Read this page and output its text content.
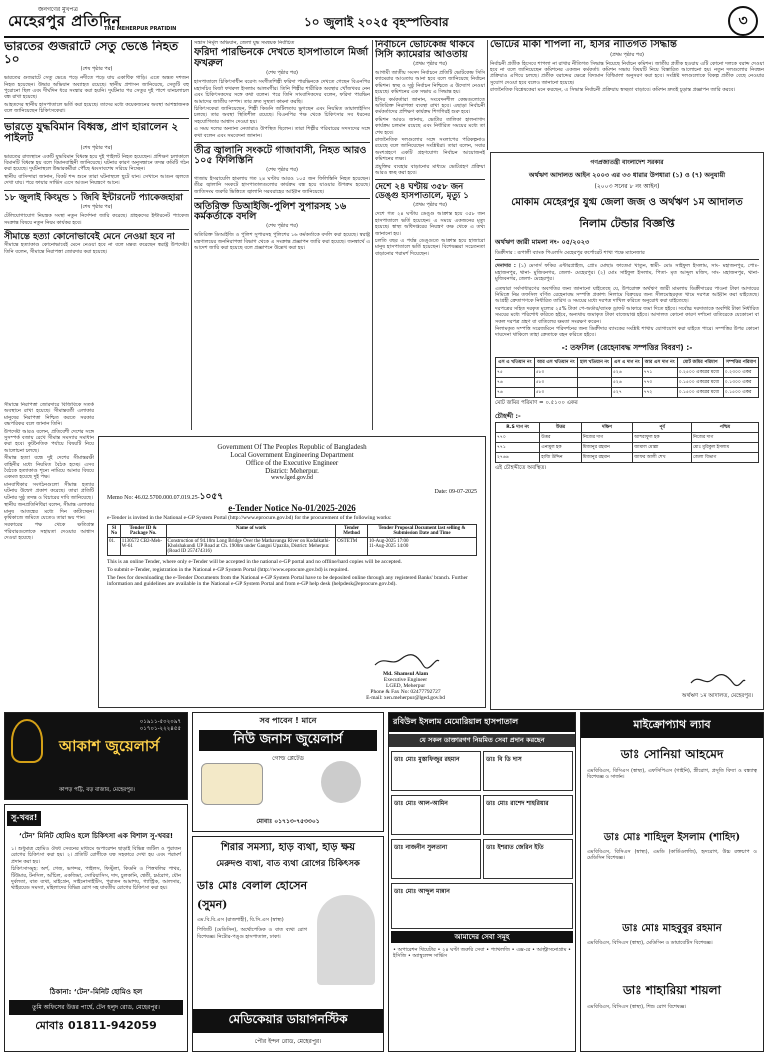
জনগণের মুখপত্র
মেহেরপুর প্রতিদিন
THE MEHERPUR PRATIDIN	১০ জুলাই ২০২৫ বৃহস্পতিবার	৩
ভারতের গুজরাটে সেতু ভেঙে নিহত ১০
(শেষ পৃষ্ঠার পর)

ভারতের গুজরাটে সেতু ভেঙে পড়ে নদীতে পড়ে যায় একাধিক গাড়ি। এতে অন্তত দশজন নিহত হয়েছেন। উদ্ধার অভিযান অব্যাহত রয়েছে। স্থানীয় প্রশাসন জানিয়েছে, সেতুটি বহু পুরোনো ছিল এবং দীর্ঘদিন ধরে সংস্কার করা হয়নি। দুর্ঘটনার পর সেতুর দুই পাশে যানচলাচল বন্ধ রাখা হয়েছে।

আহতদের স্থানীয় হাসপাতালে ভর্তি করা হয়েছে। তাদের মধ্যে কয়েকজনের অবস্থা আশঙ্কাজনক বলে জানিয়েছেন চিকিৎসকেরা।

ভারতে যুদ্ধবিমান বিধ্বস্ত, প্রাণ হারালেন ২ পাইলট
(শেষ পৃষ্ঠার পর)

ভারতের রাজস্থানে একটি যুদ্ধবিমান বিধ্বস্ত হয়ে দুই পাইলট নিহত হয়েছেন। প্রশিক্ষণ চলাকালে বিমানটি বিধ্বস্ত হয় বলে বিমানবাহিনী জানিয়েছে। ঘটনার কারণ অনুসন্ধানে তদন্ত কমিটি গঠন করা হয়েছে। দুর্ঘটনাস্থলে উদ্ধারকর্মীরা পৌঁছে ধ্বংসাবশেষ সরিয়ে নিচ্ছেন।

স্থানীয় বাসিন্দারা জানান, বিকট শব্দ শুনে তারা ঘটনাস্থলে ছুটে যান। সেখানে আগুন জ্বলতে দেখা যায়। পরে ফায়ার সার্ভিস এসে আগুন নিয়ন্ত্রণে আনে।

১৮ জুলাই কিংমুন্ড ১ জিবি ইন্টারনেট প্যাকেজহারা
(শেষ পৃষ্ঠার পর)

টেলিযোগাযোগ নিয়ন্ত্রক সংস্থা নতুন নির্দেশনা জারি করেছে। গ্রাহকদের ইন্টারনেট প্যাকেজ সংক্রান্ত বিষয়ে নতুন নিয়ম কার্যকর হবে।

সীমান্তে হত্যা কোনোভাবেই মেনে নেওয়া হবে না

সীমান্তে হত্যাকাণ্ড কোনোভাবেই মেনে নেওয়া হবে না বলে মন্তব্য করেছেন স্বরাষ্ট্র উপদেষ্টা। তিনি বলেন, সীমান্তে নিরাপত্তা জোরদার করা হয়েছে।

সন্ত্রাস নির্মূল অভিযান, জেলা যুদ্ধ সমন্বয়ক নির্বাচিত
ফরিদা পারভিনকে দেখতে হাসপাতালে মির্জা ফখরুল
(শেষ পৃষ্ঠার পর)

হাসপাতালে চিকিৎসাধীন বরেণ্য সংগীতশিল্পী ফরিদা পারভিনকে দেখতে গেছেন বিএনপির মহাসচিব মির্জা ফখরুল ইসলাম আলমগীর। তিনি শিল্পীর শারীরিক অবস্থার খোঁজখবর নেন এবং চিকিৎসকদের সঙ্গে কথা বলেন। পরে তিনি সাংবাদিকদের বলেন, ফরিদা পারভিন আমাদের জাতীয় সম্পদ। তার দ্রুত সুস্থতা কামনা করছি।

চিকিৎসকেরা জানিয়েছেন, শিল্পী কিডনি জটিলতায় ভুগছেন এবং নিয়মিত ডায়ালাইসিস চলছে। তার অবস্থা স্থিতিশীল রয়েছে। বিএনপির পক্ষ থেকে চিকিৎসার সব ধরনের সহযোগিতার আশ্বাস দেওয়া হয়।

এ সময় দলের অন্যান্য নেতারাও উপস্থিত ছিলেন। তারা শিল্পীর পরিবারের সদস্যদের সঙ্গে কথা বলেন এবং সমবেদনা জানান।

তীব্র জ্বালানি সংকটে গাজাবাসী, নিহত আরও ১০৫ ফিলিস্তিনি
(শেষ পৃষ্ঠার পর)

গাজায় ইসরায়েলি হামলায় গত ২৪ ঘণ্টায় আরও ১০৫ জন ফিলিস্তিনি নিহত হয়েছেন। তীব্র জ্বালানি সংকটে হাসপাতালগুলোর কার্যক্রম বন্ধ হয়ে যাওয়ার উপক্রম হয়েছে। জাতিসংঘ জরুরি ভিত্তিতে জ্বালানি সরবরাহের আহ্বান জানিয়েছে।

অতিরিক্ত ডিআইজি-পুলিশ সুপারসহ ১৬ কর্মকর্তাকে বদলি
(শেষ পৃষ্ঠার পর)

অতিরিক্ত ডিআইজি ও পুলিশ সুপারসহ পুলিশের ১৬ কর্মকর্তাকে বদলি করা হয়েছে। স্বরাষ্ট্র মন্ত্রণালয়ের জননিরাপত্তা বিভাগ থেকে এ সংক্রান্ত প্রজ্ঞাপন জারি করা হয়েছে। জনস্বার্থে এ আদেশ জারি করা হয়েছে বলে প্রজ্ঞাপনে উল্লেখ করা হয়।

নির্বাচনে ভোটকেন্দ্র থাকবে সিসি ক্যামেরার আওতায়
(প্রথম পৃষ্ঠার পর)

আগামী জাতীয় সংসদ নির্বাচনে প্রতিটি ভোটকেন্দ্র সিসি ক্যামেরার আওতায় আনা হবে বলে জানিয়েছে নির্বাচন কমিশন। স্বচ্ছ ও সুষ্ঠু নির্বাচন নিশ্চিতে এ উদ্যোগ নেওয়া হয়েছে। কমিশনের এক সভায় এ সিদ্ধান্ত হয়।

ইসির কর্মকর্তারা জানান, সংবেদনশীল কেন্দ্রগুলোতে অতিরিক্ত নিরাপত্তা ব্যবস্থা রাখা হবে। এছাড়া নির্বাচনী কর্মকর্তাদের প্রশিক্ষণ কার্যক্রম শিগগিরই শুরু হবে।

কমিশন আরও জানায়, ভোটার তালিকা হালনাগাদ কার্যক্রম চলমান রয়েছে এবং নির্ধারিত সময়ের মধ্যে তা শেষ হবে।

রাজনৈতিক দলগুলোর সঙ্গে সংলাপের পরিকল্পনাও রয়েছে বলে জানিয়েছেন সংশ্লিষ্টরা। তারা বলেন, সবার অংশগ্রহণে একটি গ্রহণযোগ্য নির্বাচন আয়োজনই কমিশনের লক্ষ্য।

প্রযুক্তির ব্যবহার বাড়ানোর মাধ্যমে ভোটগ্রহণ প্রক্রিয়া আরও স্বচ্ছ করা হবে।

দেশে ২৪ ঘণ্টায় ৩৫৮ জন ডেঙ্গু হাসপাতালে, মৃত্যু ১
(প্রথম পৃষ্ঠার পর)

দেশে গত ২৪ ঘণ্টায় ডেঙ্গু আক্রান্ত হয়ে ৩৫৮ জন হাসপাতালে ভর্তি হয়েছেন। এ সময়ে একজনের মৃত্যু হয়েছে। স্বাস্থ্য অধিদপ্তরের নিয়ন্ত্রণ কক্ষ থেকে এ তথ্য জানানো হয়।

চলতি বছর এ পর্যন্ত ডেঙ্গুতে আক্রান্ত হয়ে হাজারো মানুষ হাসপাতালে ভর্তি হয়েছেন। বিশেষজ্ঞরা সচেতনতা বাড়ানোর পরামর্শ দিয়েছেন।

ভোটের মার্কা শাপলা না, ইসির নীতিগত সিদ্ধান্ত
(প্রথম পৃষ্ঠার পর)

নির্বাচনী প্রতীক হিসেবে শাপলা না রাখার নীতিগত সিদ্ধান্ত নিয়েছে নির্বাচন কমিশন। জাতীয় প্রতীক হওয়ায় এটি কোনো দলকে বরাদ্দ দেওয়া হবে না বলে জানিয়েছেন কমিশনের একজন কর্মকর্তা। কমিশন সভায় বিষয়টি নিয়ে বিস্তারিত আলোচনা হয়। নতুন দলগুলোর নিবন্ধন প্রক্রিয়াও এগিয়ে চলছে। প্রতীক বরাদ্দের ক্ষেত্রে বিদ্যমান বিধিমালা অনুসরণ করা হবে। সংশ্লিষ্ট দলগুলোকে বিকল্প প্রতীক বেছে নেওয়ার সুযোগ দেওয়া হবে বলেও জানানো হয়েছে।

রাজনৈতিক বিশ্লেষকেরা মনে করছেন, এ সিদ্ধান্ত নির্বাচনী প্রক্রিয়ায় স্বচ্ছতা বাড়াবে। কমিশন দ্রুতই চূড়ান্ত প্রজ্ঞাপন জারি করবে।

গণপ্রজাতন্ত্রী বাংলাদেশ সরকার
অর্থঋণ আদালত আইন ২০০৩ এর ৩৩ ধারার উপধারা (১) ও (৭) অনুযায়ী
(২০০৩ সনের ৮ নং আইন)
মোকাম মেহেরপুর যুগ্ম জেলা জজ ও অর্থঋণ ১ম আদালত
নিলাম টেন্ডার বিজ্ঞপ্তি
অর্থঋণ জারী মামলা নং- ০৫/২০২৩
ডিক্রীদার : রূপালী ব্যাংক পিএলসি মেহেরপুর কর্পোরেট শাখা পক্ষে ম্যানেজার
দেনাদার : (১) মেসার্স ফকির এন্টারপ্রাইজ, প্রোঃ মোছাঃ ফাতেমা খাতুন, স্বামী- মোঃ সাইফুল ইসলাম, সাং- মহাজনপুর, পোঃ- মহাজনপুর, থানা- মুজিবনগর, জেলা- মেহেরপুর। (২) মোঃ সাইফুল ইসলাম, পিতা- মৃত আব্দুল মজিদ, সাং- মহাজনপুর, থানা- মুজিবনগর, জেলা- মেহেরপুর।

এতদ্বারা সর্বসাধারণের অবগতির জন্য জানানো যাইতেছে যে, উপরোক্ত অর্থঋণ জারী মামলায় ডিক্রীদারের পাওনা টাকা আদায়ের নিমিত্তে নিম্ন তফসিল বর্ণিত রেহেনাবদ্ধ সম্পত্তি প্রকাশ্য নিলামে বিক্রয়ের জন্য সীলমোহরকৃত খামে দরপত্র আহ্বান করা যাইতেছে। আগ্রহী ক্রেতাগণকে নির্ধারিত তারিখ ও সময়ের মধ্যে দরপত্র দাখিল করিতে অনুরোধ করা যাইতেছে।

দরপত্রের সহিত দরকৃত মূল্যের ২৫% টাকা পে-অর্ডার/ব্যাংক ড্রাফট আকারে জমা দিতে হইবে। সর্বোচ্চ দরদাতাকে অবশিষ্ট টাকা নির্ধারিত সময়ের মধ্যে পরিশোধ করিতে হইবে, অন্যথায় জমাকৃত টাকা বাজেয়াপ্ত হইবে। আদালত কোনো কারণ দর্শানো ব্যতিরেকে যেকোনো বা সকল দরপত্র গ্রহণ বা বাতিলের ক্ষমতা সংরক্ষণ করেন।

নিলামকৃত সম্পত্তি সরেজমিনে পরিদর্শনের জন্য ডিক্রীদার ব্যাংকের সংশ্লিষ্ট শাখায় যোগাযোগ করা যাইতে পারে। সম্পত্তির উপর কোনো দায়দেনা থাকিলে তাহা ক্রেতাকে বহন করিতে হইবে।

-: তফসিল (রেহেনাবদ্ধ সম্পত্তির বিবরণ) :-
এস এ খতিয়ান নং	আর এস খতিয়ান নং	হাল খতিয়ান নং	এস এ দাগ নং	আর এস দাগ নং	মোট জমির পরিমাণ	সম্পত্তির পরিমাণ
৭৫	৫৮০		৫২৬	৭৭১	০.২৫০০ একরের মধ্যে	০.২৩০০ একর
৭৬	৫৮০		৫২৬	৭৭০	০.১৫০০ একরের মধ্যে	০.১৩০০ একর
৭৬	৫৮০		৫২৭	৭৭২	০.১৫০০ একরের মধ্যে	০.১৫০০ একর
মোট জমির পরিমাণ = ০.৫১০০ একর
চৌহদ্দী :-
R.S দাগ নং	উত্তর	দক্ষিণ	পূর্ব	পশ্চিম
৭৭০	উত্তর	নিজের দাগ	আশরাফুল হক	নিজের দাগ
৭৭১	এনামুল হক	মিজানুর রহমান	জামাল মোল্লা	মোঃ মুরিকুল ইসলাম
২৭৬৬	হাজি উদ্দিন	মিজানুর রহমান	জাফর আলী শেখ	জেলা বিভাগ
এই চৌহদ্দীতে অবস্থিত।
অর্থঋণ ১ম আদালত, মেহেরপুর।
Government Of The Peoples Republic of Bangladesh
Local Government Engineering Department
Office of the Executive Engineer
District: Meherpur.
www.lged.gov.bd
Memo No: 46.02.5700.000.07.019.25-১০৫৭	Date: 09-07-2025
e-Tender Notice No-01/2025-2026
e-Tender is invited in the National e-GP System Portal (http://www.eprocure.gov.bd) for the procurement of the following works:
Sl No	Tender ID & Package No.	Name of work	Tender Method	Tender Proposal Document last selling & Submission Date and Time
01.	1130572 CB2-Meh-W-61	Construction of 94.10m Long Bridge Over the Mathavanga River on Kodalkathi- Kholshakundi UP Road at Ch. 1900m under Gangni Upazila, District: Meherpur. (Road ID 257474316)	OSTETM	10-Aug-2025 17:00
11-Aug-2025 14:00
This is an online Tender, where only e-Tender will be accepted in the national e-GP portal and no offline/hard copies will be accepted.
To submit e-Tender, registration in the National e-GP System Portal (http://www.eprocure.gov.bd) is required.
The fees for downloading the e-Tender Documents from the National e-GP System Portal have to be deposited online through any registered Banks' branch. Further information and guidelines are available in the National e-GP System Portal and from e-GP help desk (helpdesk@eprocure.gov.bd).
Md. Shamsul Alam
Executive Engineer
LGED, Meherpur
Phone & Fax No: 02477792727
E-mail: xen.meherpur@lged.gov.bd

সীমান্তে নিরাপত্তা জোরদারে বিজিবিকে সতর্ক অবস্থানে রাখা হয়েছে। সীমান্তবর্তী এলাকার মানুষের নিরাপত্তা নিশ্চিত করতে সরকার বদ্ধপরিকর বলে জানান তিনি।

উপদেষ্টা আরও বলেন, প্রতিবেশী দেশের সঙ্গে সুসম্পর্ক বজায় রেখে সীমান্ত সমস্যার সমাধান করা হবে। কূটনৈতিক পর্যায়ে বিষয়টি নিয়ে আলোচনা চলছে।

সীমান্ত হত্যা বন্ধে দুই দেশের সীমান্তরক্ষী বাহিনীর মধ্যে নিয়মিত বৈঠক হচ্ছে। এসব বৈঠকে হত্যাকাণ্ড শূন্যে নামিয়ে আনার বিষয়ে একমত হয়েছে দুই পক্ষ।

মানবাধিকার সংগঠনগুলো সীমান্ত হত্যার ঘটনায় উদ্বেগ প্রকাশ করেছে। তারা প্রতিটি ঘটনার সুষ্ঠু তদন্ত ও বিচারের দাবি জানিয়েছে।

স্থানীয় জনপ্রতিনিধিরা বলেন, সীমান্ত এলাকার মানুষ আতঙ্কের মধ্যে দিন কাটাচ্ছেন। কৃষিকাজে জমিতে যেতেও তারা ভয় পান।

সরকারের পক্ষ থেকে ক্ষতিগ্রস্ত পরিবারগুলোকে সহায়তা দেওয়ার আশ্বাস দেওয়া হয়েছে।

আকাশ জুয়েলার্স
০১৯১১-৫০২০৯৭
০১৭০১-২২২৪৫৫
কাপড় পট্টি, বড় বাজার, মেহেরপুর।
সব পাবেন ! মানে
নিউ জনাস জুয়েলার্স
গোল্ড প্লেটেড
মোবাঃ ০১৭১৩-৭৫৩৩০১
রবিউল ইসলাম মেমোরিয়াল হাসপাতাল
যে সকল ডাক্তারগণ নিয়মিত সেবা প্রদান করছেন
ডাঃ মোঃ মুস্তাফিজুর রহমান	ডাঃ বি ডি দাস
ডাঃ মোঃ আল-আমিন	ডাঃ মোঃ রাশেদ শাহরিয়ার
ডাঃ নাজনীন সুলতানা	ডাঃ ইশরাত জেরিন ইতি
ডাঃ মোঃ আব্দুল মান্নান
আমাদের সেবা সমূহ

• অপারেশন থিয়েটার • ২৪ ঘণ্টা জরুরি সেবা • প্যাথলজি • এক্স-রে • আল্ট্রাসনোগ্রাম • ইসিজি • অ্যাম্বুলেন্স সার্ভিস

মাইক্রোপ্যাথ ল্যাব
ডাঃ সোনিয়া আহমেদ

এমবিবিএস, বিসিএস (স্বাস্থ্য), এফসিপিএস (গাইনি), স্ত্রীরোগ, প্রসূতি বিদ্যা ও বন্ধ্যাত্ব বিশেষজ্ঞ ও সার্জন।

ডাঃ মোঃ শাহিদুল ইসলাম (শাহিদ)

এমবিবিএস, বিসিএস (স্বাস্থ্য), এমডি (কার্ডিওলজি), হৃদরোগ, উচ্চ রক্তচাপ ও মেডিসিন বিশেষজ্ঞ।

ডাঃ মোঃ মাহবুবুর রহমান

এমবিবিএস, বিসিএস (স্বাস্থ্য), মেডিসিন ও ডায়াবেটিস বিশেষজ্ঞ।

ডাঃ শাহারিয়া শায়লা

এমবিবিএস, বিসিএস (স্বাস্থ্য), শিশু রোগ বিশেষজ্ঞ।

সু-খবর!
‘টেন’ মিনিট হোমিও হলে চিকিৎসা এক বিশাল সু-খবর!

১। শুধুমাত্র হোমিও ঔষধ সেবনের মাধ্যমে অপারেশন ছাড়াই বিভিন্ন জটিল ও পুরাতন রোগের চিকিৎসা করা হয়। ২। প্রতিটি রোগীকে যত্ন সহকারে দেখা হয় এবং পরামর্শ প্রদান করা হয়।

চিকিৎসাসমূহ: অর্শ, গেজ, ভগন্দর, পাইলস, ফিস্টুলা, কিডনি ও পিত্তথলির পাথর, টিউমার, টনসিল, আঁচিল, একজিমা, সোরিয়াসিস, দাদ, চুলকানি, শ্বেতী, চর্মরোগ, যৌন দুর্বলতা, বাত ব্যথা, মাইগ্রেন, সাইনোসাইটিস, পুরাতন আমাশয়, গ্যাস্ট্রিক, আলসার, থাইরয়েড সমস্যা, মহিলাদের বিভিন্ন রোগ সহ যাবতীয় রোগের চিকিৎসা করা হয়।

ঠিকানা: ‘টেন’-মিনিট হোমিও হল
তুমি অফিসের উত্তর পার্শ্বে, টেন হলুদ রোড, মেহেরপুর।
মোবাঃ 01811-942059
শিরার সমস্যা, হাড় ব্যথা, হাড় ক্ষয়
মেরুদণ্ড ব্যথা, বাত ব্যথা রোগের চিকিৎসক
ডাঃ মোঃ বেলাল হোসেন (সুমন)
এম.বি.বি.এস (রাজশাহী), বি.সি.এস (স্বাস্থ্য)

পিজিটি (মেডিসিন), অর্থোপেডিক ও বাত ব্যথা রোগ বিশেষজ্ঞ। নিটোর-পঙ্গু হাসপাতাল, ঢাকা।

মেডিকেয়ার ডায়াগনস্টিক
পৌর ইন্দন রোড, মেহেরপুর।
